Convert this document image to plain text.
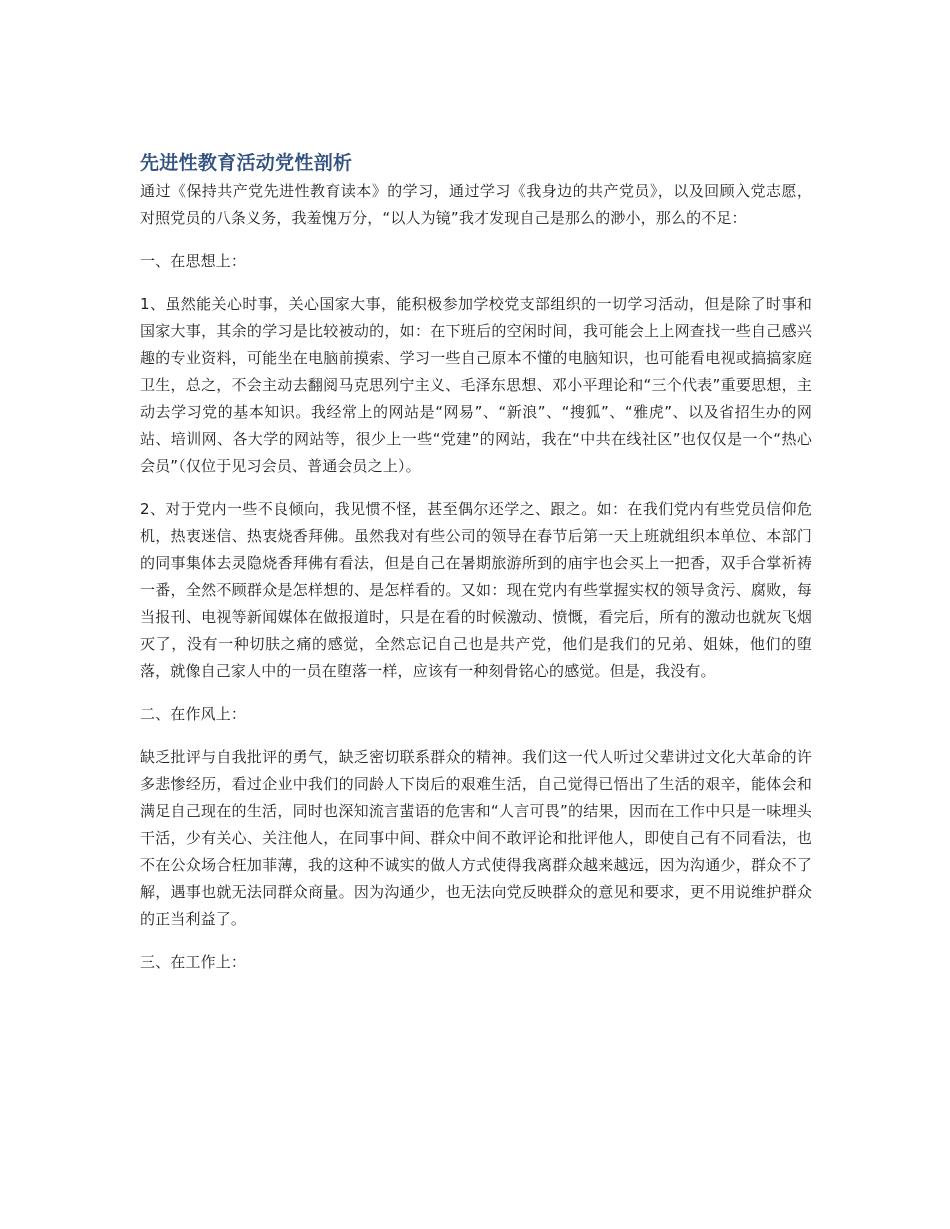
先进性教育活动党性剖析

通过《保持共产党先进性教育读本》的学习，通过学习《我身边的共产党员》，以及回顾入党志愿，对照党员的八条义务，我羞愧万分，“以人为镜”我才发现自己是那么的渺小，那么的不足：

一、在思想上：

1、虽然能关心时事，关心国家大事，能积极参加学校党支部组织的一切学习活动，但是除了时事和国家大事，其余的学习是比较被动的，如：在下班后的空闲时间，我可能会上上网查找一些自己感兴趣的专业资料，可能坐在电脑前摸索、学习一些自己原本不懂的电脑知识，也可能看电视或搞搞家庭卫生，总之，不会主动去翻阅马克思列宁主义、毛泽东思想、邓小平理论和“三个代表”重要思想，主动去学习党的基本知识。我经常上的网站是“网易”、“新浪”、“搜狐”、“雅虎”、以及省招生办的网站、培训网、各大学的网站等，很少上一些“党建”的网站，我在“中共在线社区”也仅仅是一个“热心会员”（仅位于见习会员、普通会员之上）。

2、对于党内一些不良倾向，我见惯不怪，甚至偶尔还学之、跟之。如：在我们党内有些党员信仰危机，热衷迷信、热衷烧香拜佛。虽然我对有些公司的领导在春节后第一天上班就组织本单位、本部门的同事集体去灵隐烧香拜佛有看法，但是自己在暑期旅游所到的庙宇也会买上一把香，双手合掌祈祷一番，全然不顾群众是怎样想的、是怎样看的。又如：现在党内有些掌握实权的领导贪污、腐败，每当报刊、电视等新闻媒体在做报道时，只是在看的时候激动、愤慨，看完后，所有的激动也就灰飞烟灭了，没有一种切肤之痛的感觉，全然忘记自己也是共产党，他们是我们的兄弟、姐妹，他们的堕落，就像自己家人中的一员在堕落一样，应该有一种刻骨铭心的感觉。但是，我没有。

二、在作风上：

缺乏批评与自我批评的勇气，缺乏密切联系群众的精神。我们这一代人听过父辈讲过文化大革命的许多悲惨经历，看过企业中我们的同龄人下岗后的艰难生活，自己觉得已悟出了生活的艰辛，能体会和满足自己现在的生活，同时也深知流言蜚语的危害和“人言可畏”的结果，因而在工作中只是一味埋头干活，少有关心、关注他人，在同事中间、群众中间不敢评论和批评他人，即使自己有不同看法，也不在公众场合枉加菲薄，我的这种不诚实的做人方式使得我离群众越来越远，因为沟通少，群众不了解，遇事也就无法同群众商量。因为沟通少，也无法向党反映群众的意见和要求，更不用说维护群众的正当利益了。

三、在工作上：
